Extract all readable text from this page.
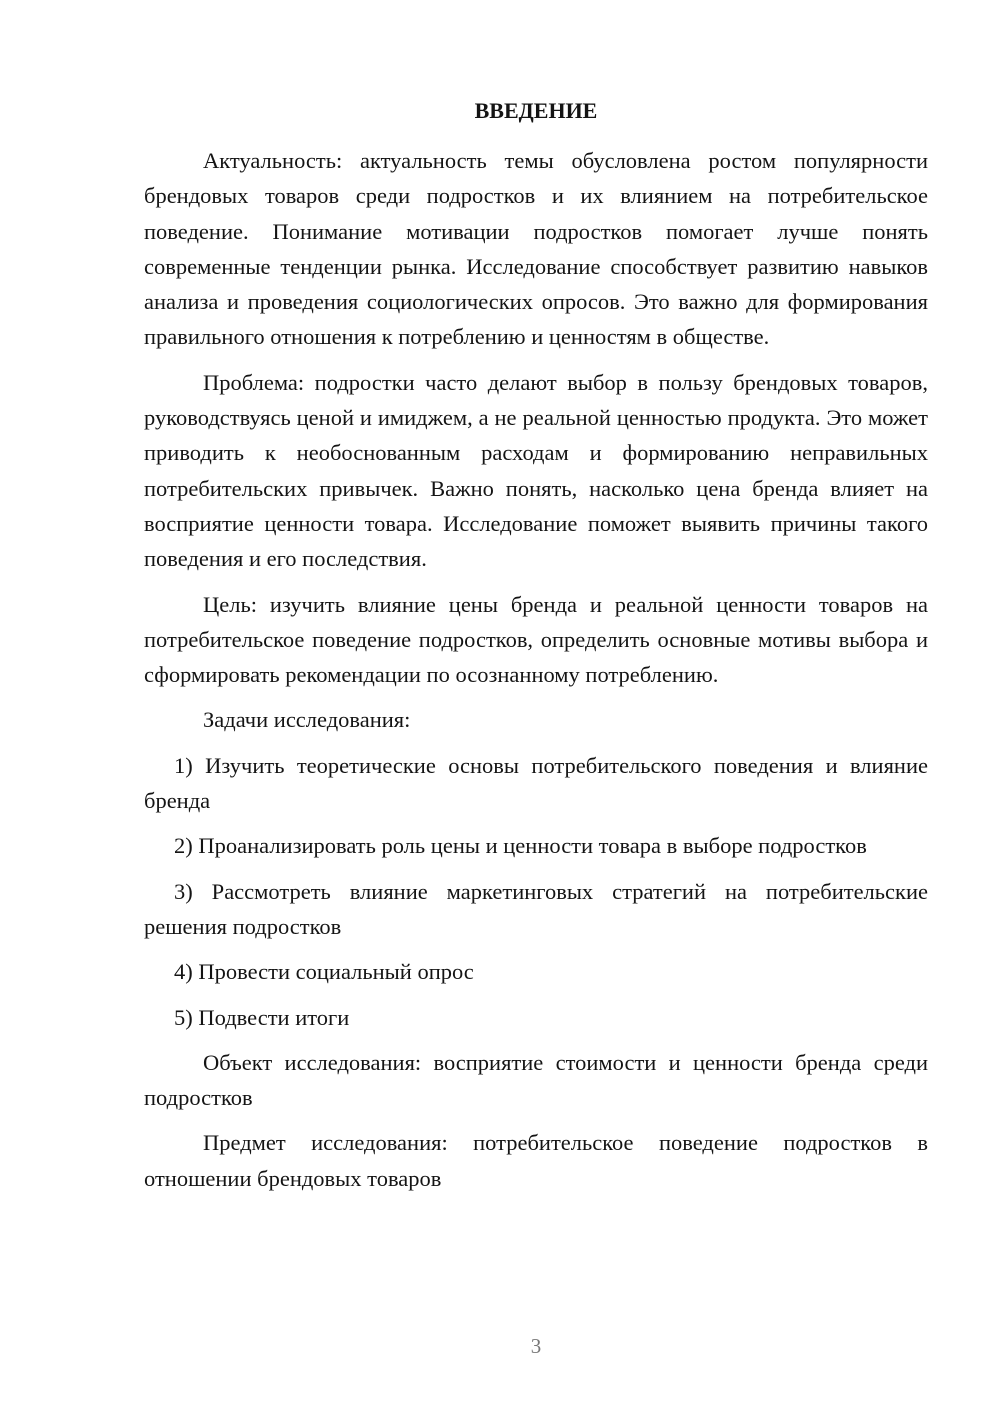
ВВЕДЕНИЕ

Актуальность: актуальность темы обусловлена ростом популярности брендовых товаров среди подростков и их влиянием на потребительское поведение. Понимание мотивации подростков помогает лучше понять современные тенденции рынка. Исследование способствует развитию навыков анализа и проведения социологических опросов. Это важно для формирования правильного отношения к потреблению и ценностям в обществе.

Проблема: подростки часто делают выбор в пользу брендовых товаров, руководствуясь ценой и имиджем, а не реальной ценностью продукта. Это может приводить к необоснованным расходам и формированию неправильных потребительских привычек. Важно понять, насколько цена бренда влияет на восприятие ценности товара. Исследование поможет выявить причины такого поведения и его последствия.

Цель: изучить влияние цены бренда и реальной ценности товаров на потребительское поведение подростков, определить основные мотивы выбора и сформировать рекомендации по осознанному потреблению.

Задачи исследования:

1) Изучить теоретические основы потребительского поведения и влияние бренда

2) Проанализировать роль цены и ценности товара в выборе подростков

3) Рассмотреть влияние маркетинговых стратегий на потребительские решения подростков

4) Провести социальный опрос

5) Подвести итоги

Объект исследования: восприятие стоимости и ценности бренда среди подростков

Предмет исследования: потребительское поведение подростков в отношении брендовых товаров

3
